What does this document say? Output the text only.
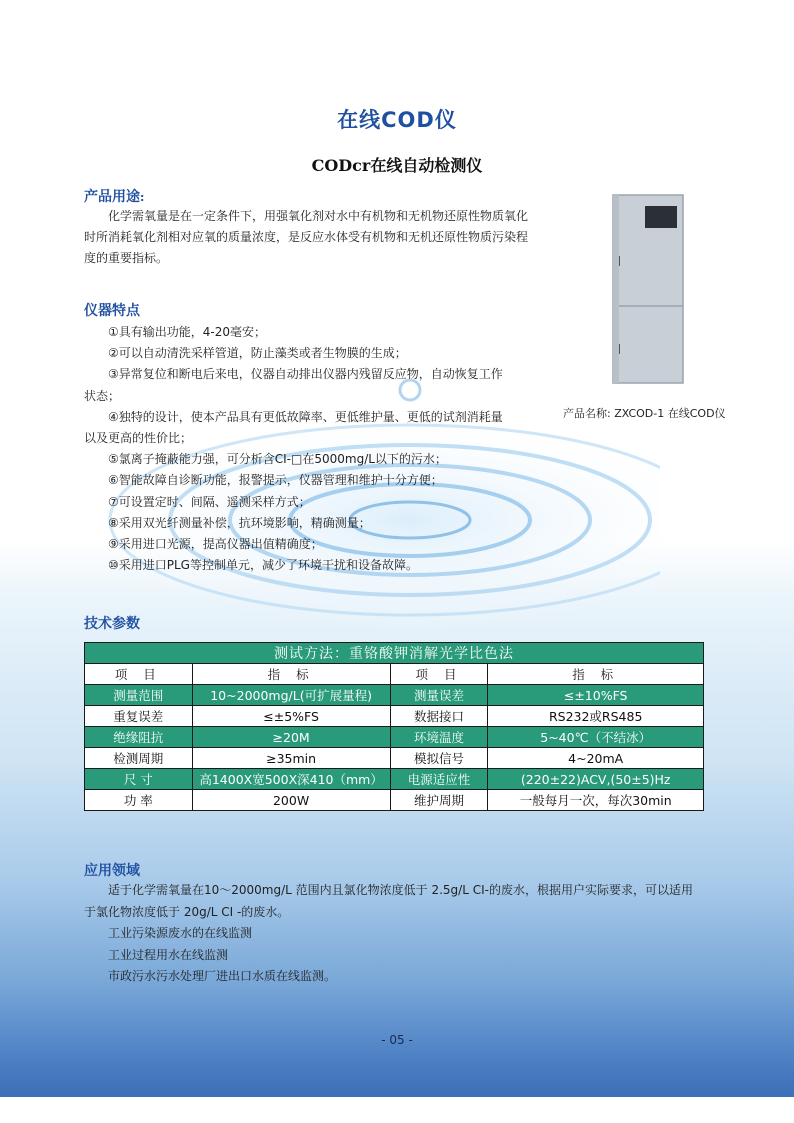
在线COD仪
CODcr在线自动检测仪
产品用途:
化学需氧量是在一定条件下，用强氧化剂对水中有机物和无机物还原性物质氧化时所消耗氧化剂相对应氧的质量浓度，是反应水体受有机物和无机还原性物质污染程度的重要指标。
仪器特点
①具有输出功能，4-20毫安；
②可以自动清洗采样管道，防止藻类或者生物膜的生成；
③异常复位和断电后来电，仪器自动排出仪器内残留反应物，自动恢复工作状态；
④独特的设计，使本产品具有更低故障率、更低维护量、更低的试剂消耗量以及更高的性价比；
⑤氯离子掩蔽能力强，可分析含CI-□在5000mg/L以下的污水；
⑥智能故障自诊断功能，报警提示，仪器管理和维护十分方便；
⑦可设置定时、间隔、遥测采样方式；
⑧采用双光纤测量补偿，抗环境影响，精确测量；
⑨采用进口光源，提高仪器出值精确度；
⑩采用进口PLG等控制单元，减少了环境干扰和设备故障。
产品名称: ZXCOD-1 在线COD仪
技术参数
测试方法：重铬酸钾消解光学比色法			
项 目	指 标	项 目	指 标
测量范围	10~2000mg/L(可扩展量程)	测量误差	≤±10%FS
重复误差	≤±5%FS	数据接口	RS232或RS485
绝缘阻抗	≥20M	环境温度	5~40℃（不结冰）
检测周期	≥35min	模拟信号	4~20mA
尺 寸	高1400X宽500X深410（mm）	电源适应性	(220±22)ACV,(50±5)Hz
功 率	200W	维护周期	一般每月一次，每次30min
应用领域
适于化学需氧量在10～2000mg/L 范围内且氯化物浓度低于 2.5g/L CI-的废水，根据用户实际要求，可以适用于氯化物浓度低于 20g/L CI -的废水。
工业污染源废水的在线监测
工业过程用水在线监测
市政污水污水处理厂进出口水质在线监测。
- 05 -
